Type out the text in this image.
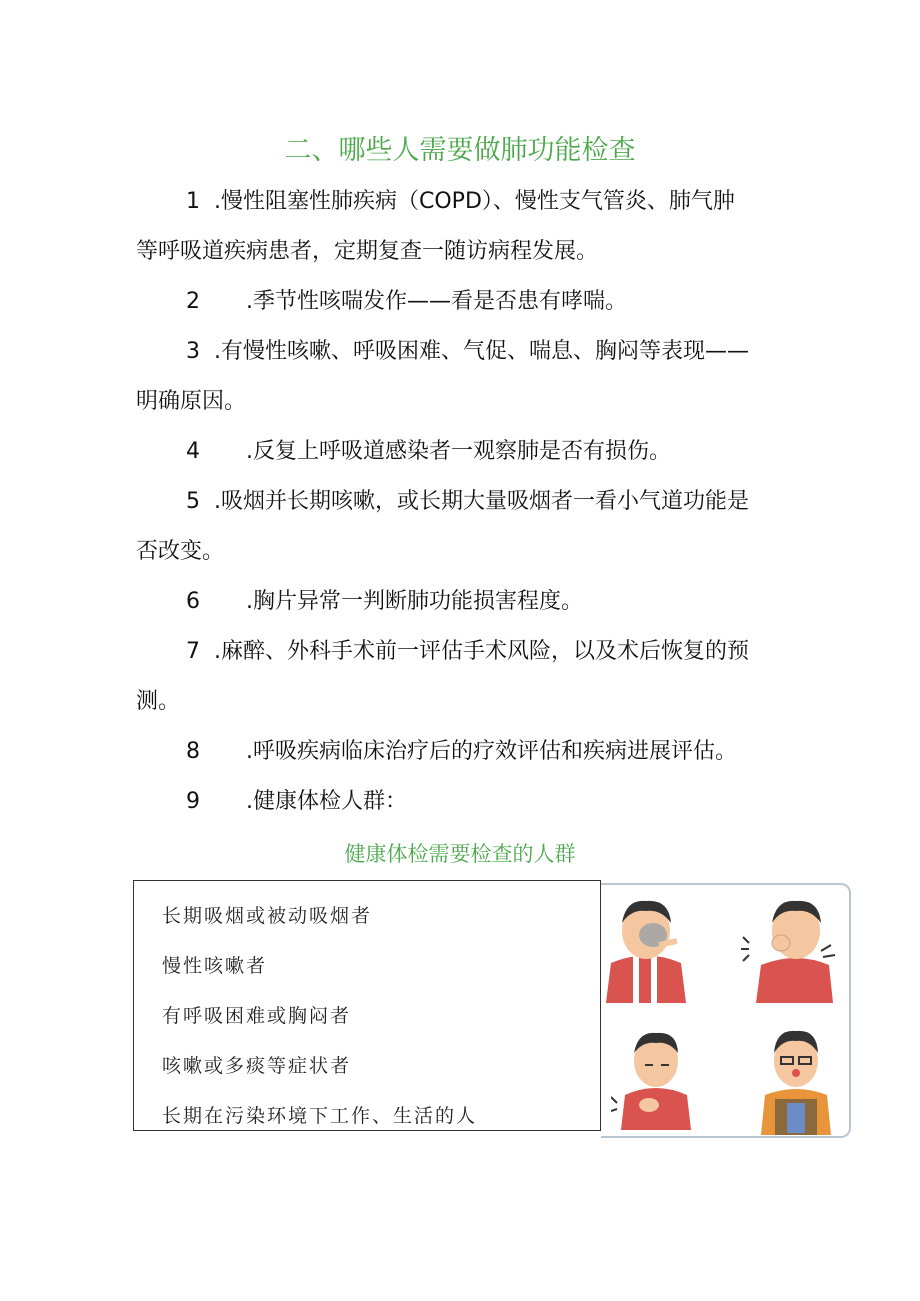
二、哪些人需要做肺功能检查
1 .慢性阻塞性肺疾病（COPD）、慢性支气管炎、肺气肿
等呼吸道疾病患者，定期复查一随访病程发展。
2 .季节性咳喘发作——看是否患有哮喘。
3 .有慢性咳嗽、呼吸困难、气促、喘息、胸闷等表现——
明确原因。
4 .反复上呼吸道感染者一观察肺是否有损伤。
5 .吸烟并长期咳嗽，或长期大量吸烟者一看小气道功能是
否改变。
6 .胸片异常一判断肺功能损害程度。
7 .麻醉、外科手术前一评估手术风险，以及术后恢复的预
测。
8 .呼吸疾病临床治疗后的疗效评估和疾病进展评估。
9 .健康体检人群：
健康体检需要检查的人群
长期吸烟或被动吸烟者
慢性咳嗽者
有呼吸困难或胸闷者
咳嗽或多痰等症状者
长期在污染环境下工作、生活的人
